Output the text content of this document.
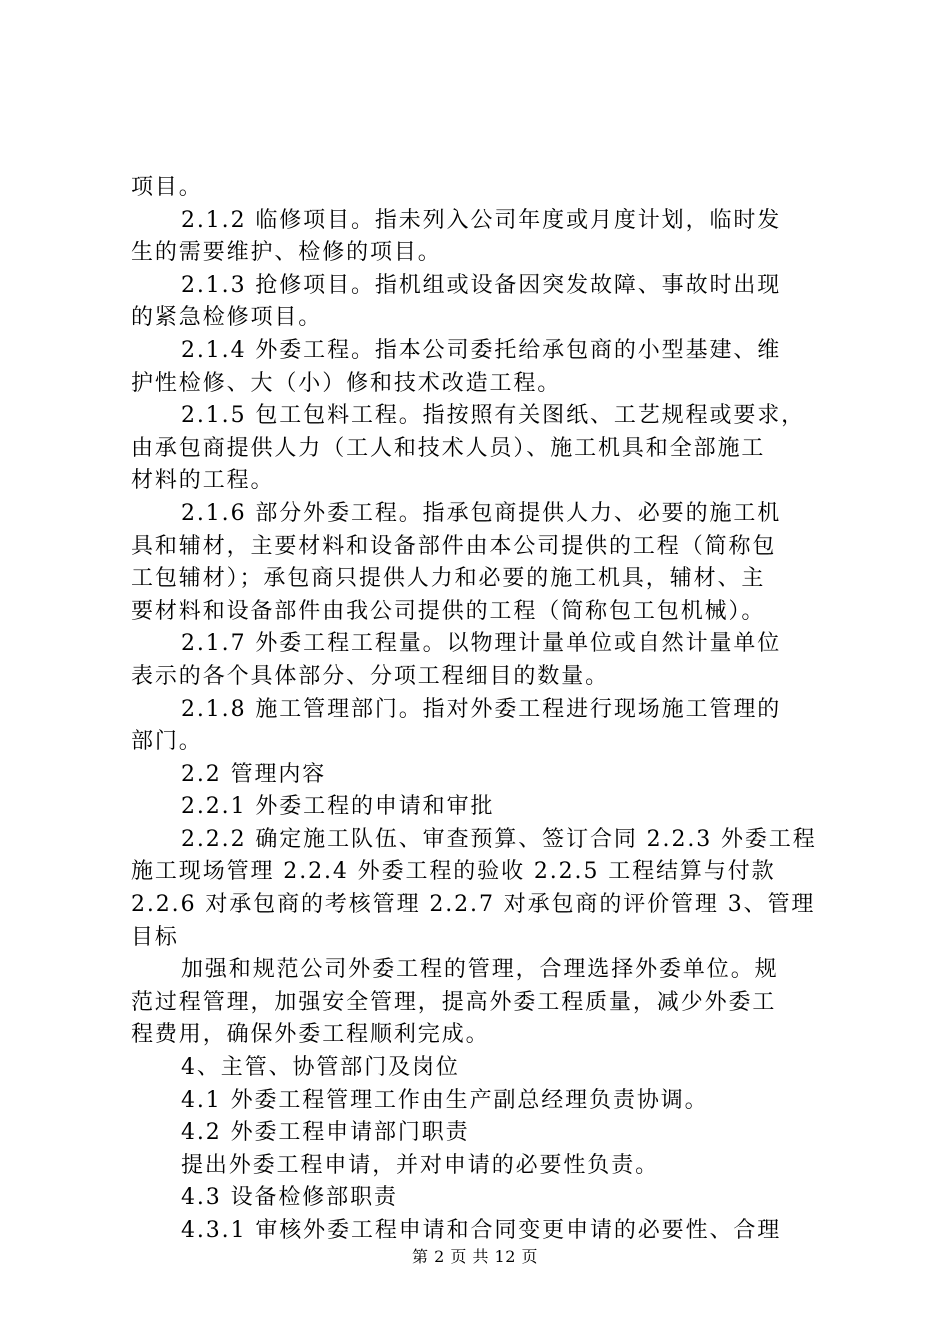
项目。
2.1.2 临修项目。指未列入公司年度或月度计划，临时发
生的需要维护、检修的项目。
2.1.3 抢修项目。指机组或设备因突发故障、事故时出现
的紧急检修项目。
2.1.4 外委工程。指本公司委托给承包商的小型基建、维
护性检修、大（小）修和技术改造工程。
2.1.5 包工包料工程。指按照有关图纸、工艺规程或要求，
由承包商提供人力（工人和技术人员）、施工机具和全部施工
材料的工程。
2.1.6 部分外委工程。指承包商提供人力、必要的施工机
具和辅材，主要材料和设备部件由本公司提供的工程（简称包
工包辅材）；承包商只提供人力和必要的施工机具，辅材、主
要材料和设备部件由我公司提供的工程（简称包工包机械）。
2.1.7 外委工程工程量。以物理计量单位或自然计量单位
表示的各个具体部分、分项工程细目的数量。
2.1.8 施工管理部门。指对外委工程进行现场施工管理的
部门。
2.2 管理内容
2.2.1 外委工程的申请和审批
2.2.2 确定施工队伍、审查预算、签订合同 2.2.3 外委工程
施工现场管理 2.2.4 外委工程的验收 2.2.5 工程结算与付款
2.2.6 对承包商的考核管理 2.2.7 对承包商的评价管理 3、管理
目标
加强和规范公司外委工程的管理，合理选择外委单位。规
范过程管理，加强安全管理，提高外委工程质量，减少外委工
程费用，确保外委工程顺利完成。
4、主管、协管部门及岗位
4.1 外委工程管理工作由生产副总经理负责协调。
4.2 外委工程申请部门职责
提出外委工程申请，并对申请的必要性负责。
4.3 设备检修部职责
4.3.1 审核外委工程申请和合同变更申请的必要性、合理
第 2 页 共 12 页
